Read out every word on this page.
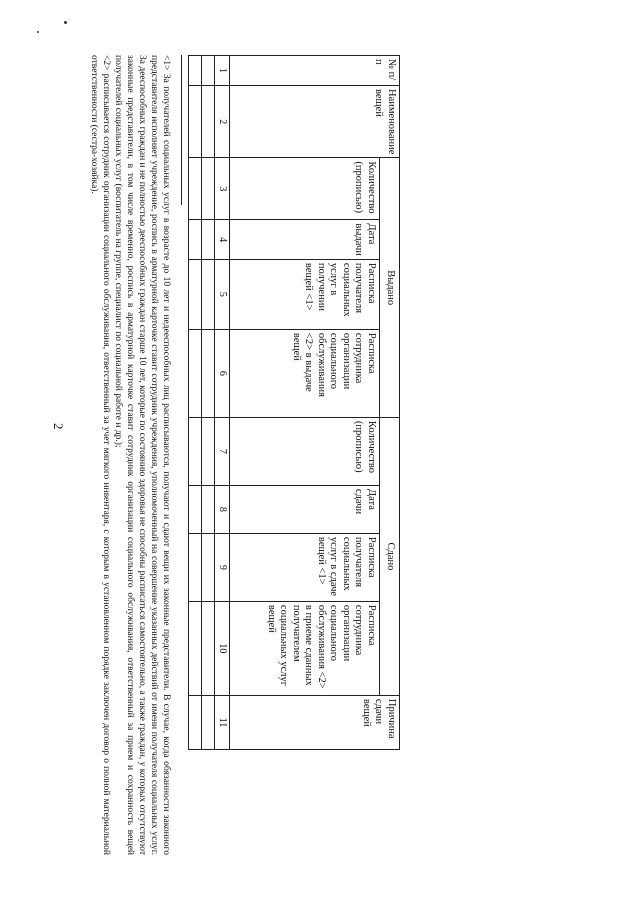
2
№ п/п	Наименование вещей	Выдано				Сдано				Причина сдачи вещей
		Количество (прописью)	Дата выдачи	Расписка получателя социальных услуг в получении вещей <1>	Расписка сотрудника организации социального обслуживания <2> в выдаче вещей	Количество (прописью)	Дата сдачи	Расписка получателя социальных услуг в сдаче вещей <1>	Расписка сотрудника организации социального обслуживания <2> в приеме сданных получателем социальных услуг вещей	
1	2	3	4	5	6	7	8	9	10	11

<1> За получателей социальных услуг в возрасте до 10 лет и недееспособных лиц расписываются, получают и сдают вещи их законные представители. В случае, когда обязанности законного представителя исполняет учреждение, роспись в арматурной карточке ставит сотрудник учреждения, уполномоченный на совершение указанных действий от имени получателя социальных услуг. За дееспособных граждан и не полностью дееспособных граждан старше 10 лет, которые по состоянию здоровья не способны расписаться самостоятельно, а также граждан, у которых отсутствуют законные представители, в том числе временно, роспись в арматурной карточке ставит сотрудник организации социального обслуживания, ответственный за прием и сохранность вещей получателей социальных услуг (воспитатель на группе, специалист по социальной работе и др.);

<2> расписывается сотрудник организации социального обслуживания, ответственный за учет мягкого инвентаря, с которым в установленном порядке заключен договор о полной материальной ответственности (сестра-хозяйка).
